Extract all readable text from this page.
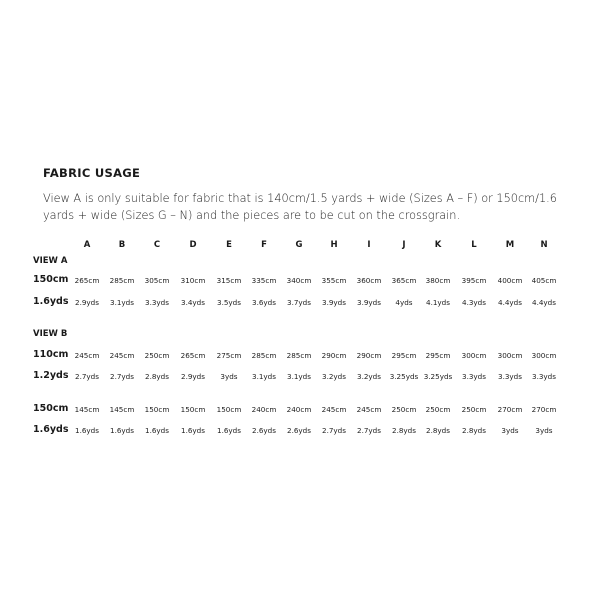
FABRIC USAGE
View A is only suitable for fabric that is 140cm/1.5 yards + wide (Sizes A – F) or 150cm/1.6 yards + wide (Sizes G – N) and the pieces are to be cut on the crossgrain.
A	B	C	D	E	F	G	H	I	J	K	L	M	N
VIEW A
150cm 265cm	285cm	305cm	310cm	315cm	335cm	340cm	355cm	360cm	365cm	380cm	395cm	400cm	405cm
1.6yds 2.9yds	3.1yds	3.3yds	3.4yds	3.5yds	3.6yds	3.7yds	3.9yds	3.9yds	4yds	4.1yds	4.3yds	4.4yds	4.4yds
VIEW B
110cm 245cm	245cm	250cm	265cm	275cm	285cm	285cm	290cm	290cm	295cm	295cm	300cm	300cm	300cm
1.2yds 2.7yds	2.7yds	2.8yds	2.9yds	3yds	3.1yds	3.1yds	3.2yds	3.2yds	3.25yds 3.25yds	3.3yds	3.3yds	3.3yds
150cm 145cm	145cm	150cm	150cm	150cm	240cm	240cm	245cm	245cm	250cm	250cm	250cm	270cm	270cm
1.6yds 1.6yds	1.6yds	1.6yds	1.6yds	1.6yds	2.6yds	2.6yds	2.7yds	2.7yds	2.8yds	2.8yds	2.8yds	3yds	3yds
